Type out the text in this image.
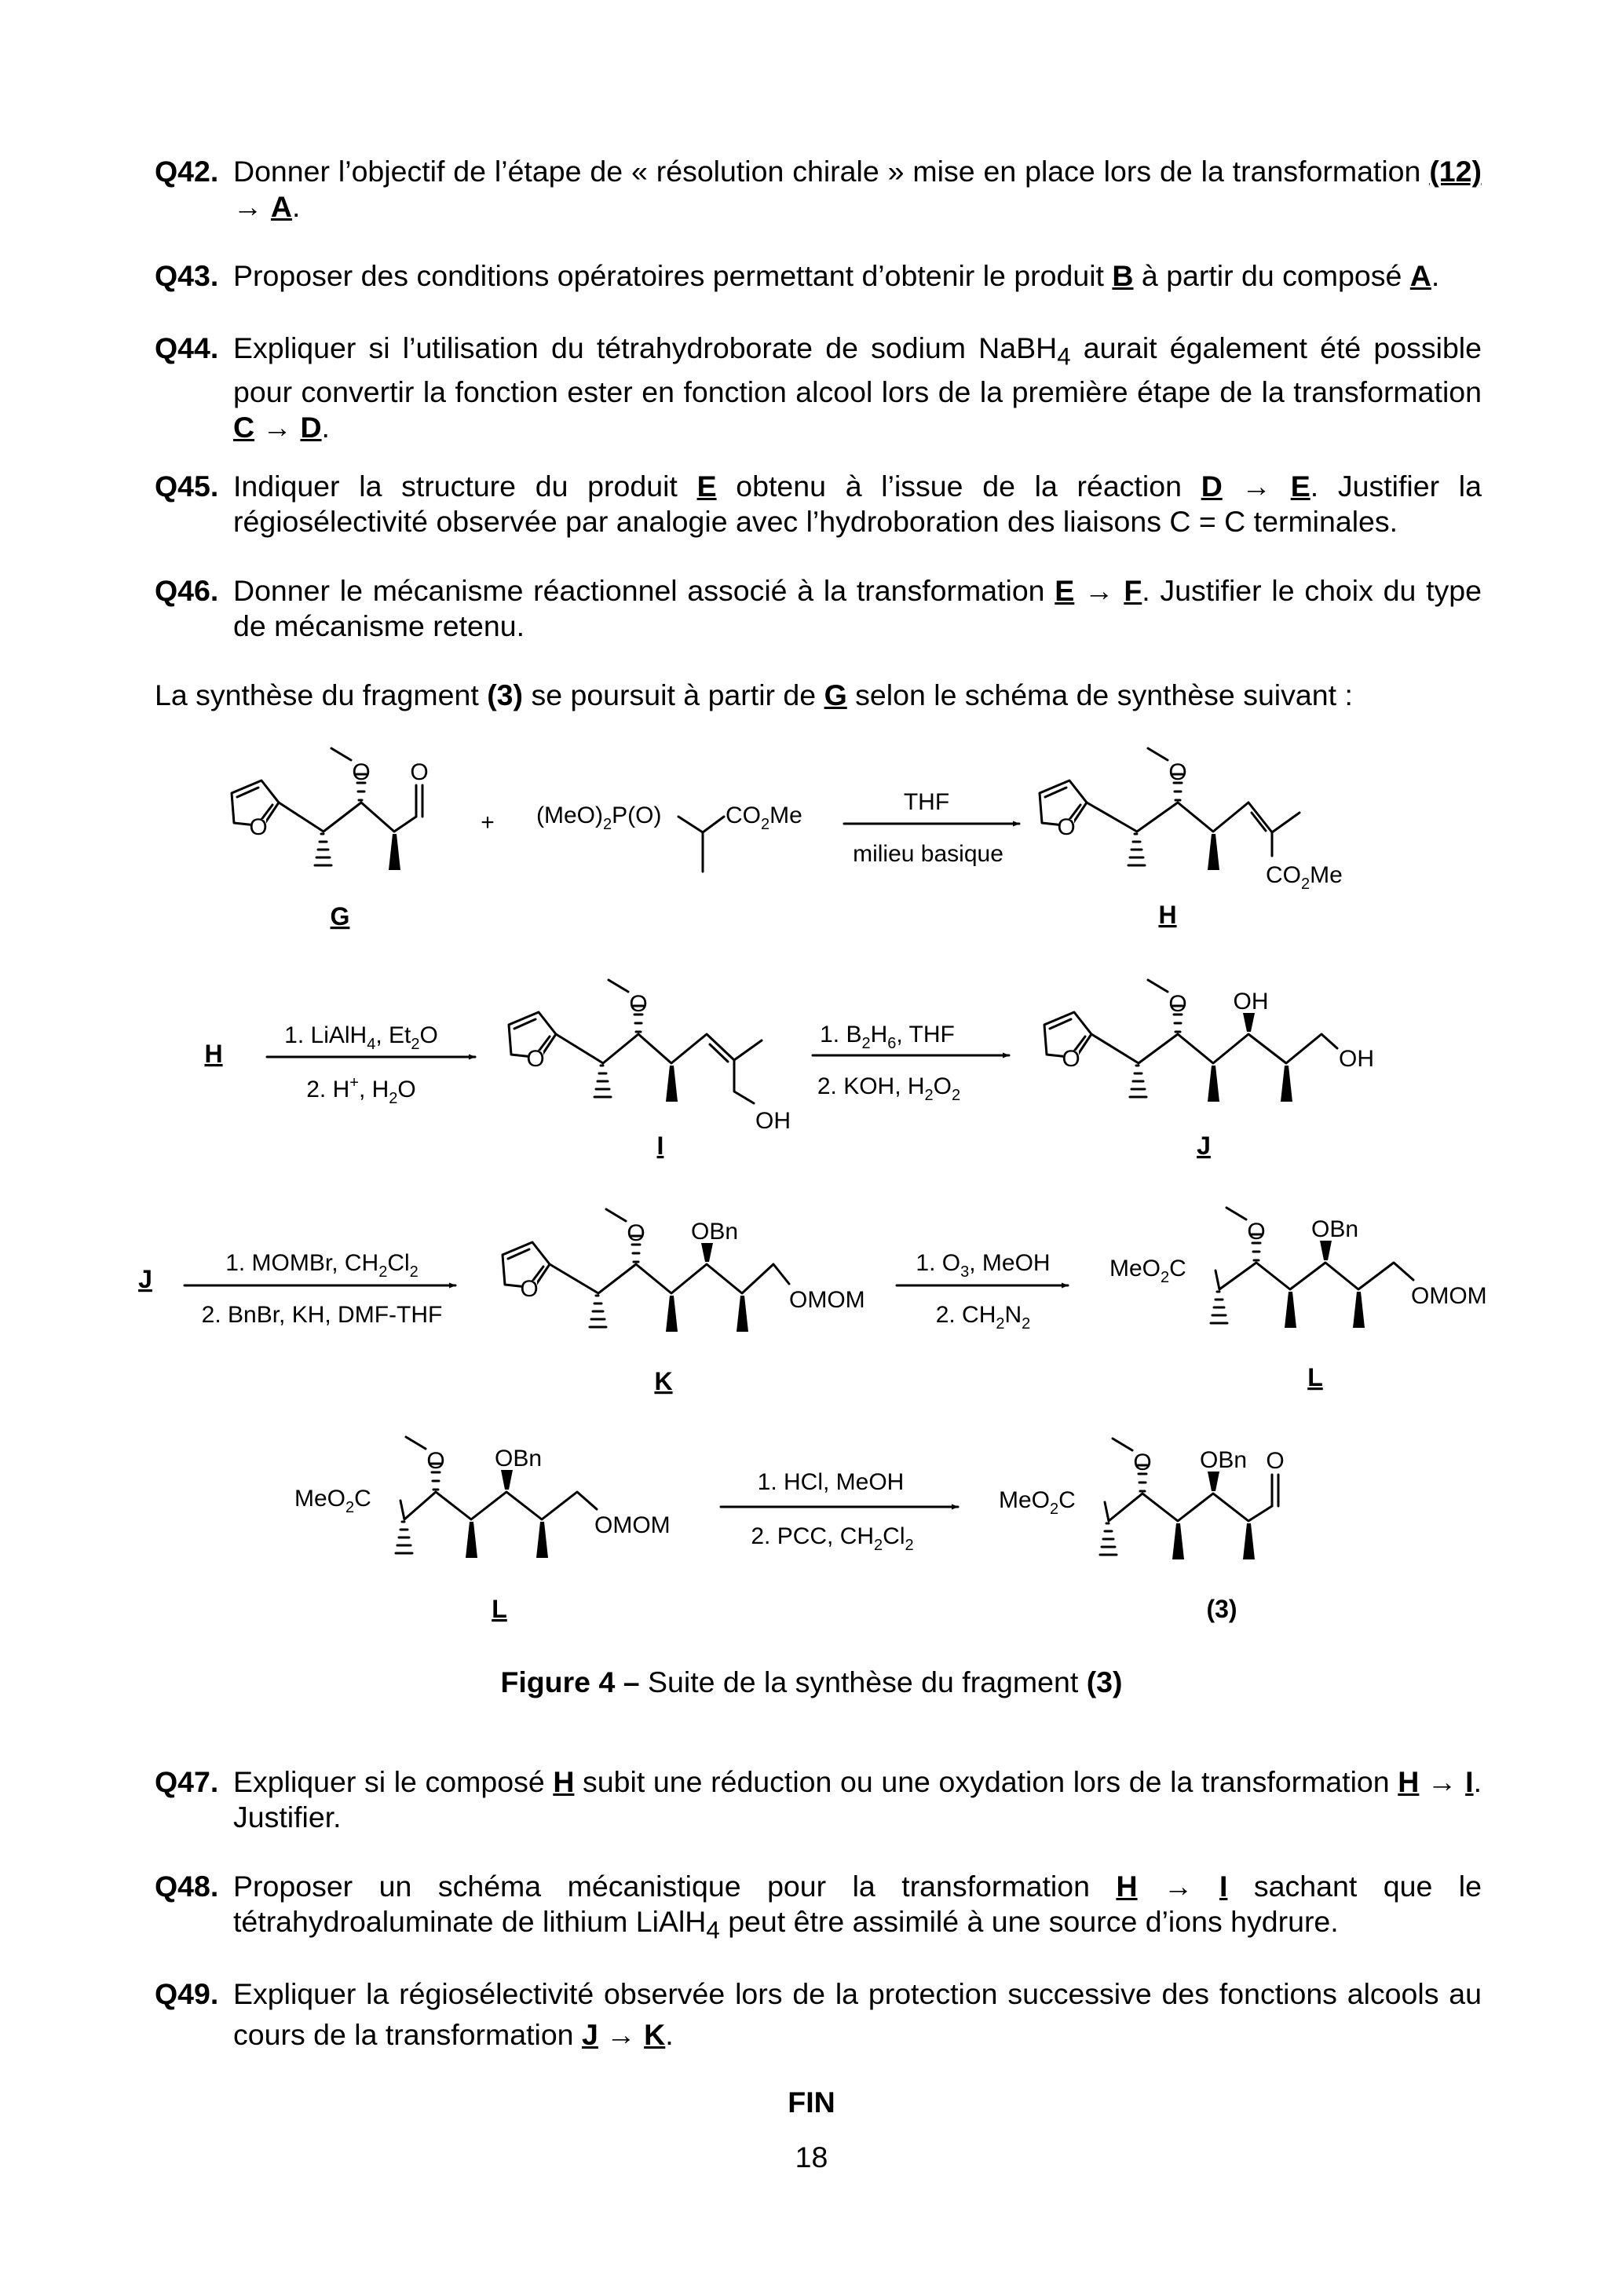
Q42. Donner l’objectif de l’étape de « résolution chirale » mise en place lors de la transformation (12) → A.
Q43. Proposer des conditions opératoires permettant d’obtenir le produit B à partir du composé A.
Q44. Expliquer si l’utilisation du tétrahydroborate de sodium NaBH$_4$ aurait également été possible pour convertir la fonction ester en fonction alcool lors de la première étape de la transformation C → D.
Q45. Indiquer la structure du produit E obtenu à l’issue de la réaction D → E. Justifier la régiosélectivité observée par analogie avec l’hydroboration des liaisons C = C terminales.
Q46. Donner le mécanisme réactionnel associé à la transformation E → F. Justifier le choix du type de mécanisme retenu.
La synthèse du fragment (3) se poursuit à partir de G selon le schéma de synthèse suivant :
O
O
O
G
+ $(MeO)_2P(O)$	$CO_2Me$
THF
milieu basique
O
$CO_2Me$
O
H
H
1. LiAlH$_4$, $Et_2O$
2. H+, $H_2O$
O
OH
O
I
1. $B_2H_6$, THF
2. KOH, $H_2O_2$
O	OH
O OH
J
J
1. MOMBr, $CH_2Cl_2$
2. BnBr, KH, DMF-THF
O	OMOM
O OBn
K
1. $O_3$, MeOH
2. $CH_2N_2$
MeO$_2$C
OMOM
O OBn
L
MeO$_2$C
OMOM
O OBn
L
1. HCl, MeOH
2. PCC, $CH_2Cl_2$
MeO$_2$C
O
O OBn
(3)
Figure 4 – Suite de la synthèse du fragment (3)
Q47. Expliquer si le composé H subit une réduction ou une oxydation lors de la transformation H → I. Justifier.
Q48. Proposer un schéma mécanistique pour la transformation H → I sachant que le tétrahydroaluminate de lithium LiAlH$_4$ peut être assimilé à une source d’ions hydrure.
Q49. Expliquer la régiosélectivité observée lors de la protection successive des fonctions alcools au cours de la transformation J → K.
FIN
18
